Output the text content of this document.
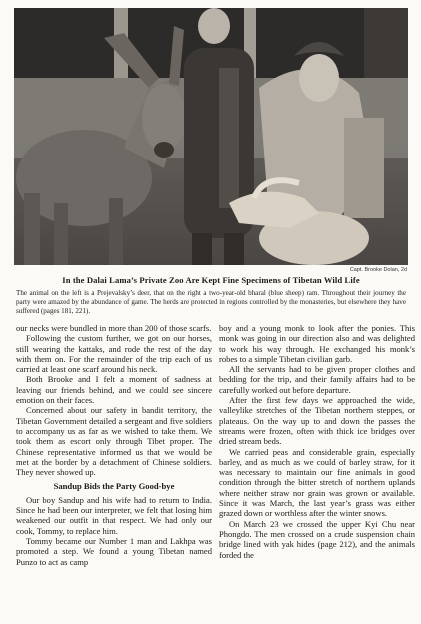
Capt. Brooke Dolan, 2d
In the Dalai Lama’s Private Zoo Are Kept Fine Specimens of Tibetan Wild Life
The animal on the left is a Prejevalsky’s deer, that on the right a two-year-old bharal (blue sheep) ram. Throughout their journey the party were amazed by the abundance of game. The herds are protected in regions controlled by the monasteries, but elsewhere they have suffered (pages 181, 221).

our necks were bundled in more than 200 of those scarfs.

Following the custom further, we got on our horses, still wearing the kattaks, and rode the rest of the day with them on. For the remainder of the trip each of us carried at least one scarf around his neck.

Both Brooke and I felt a moment of sadness at leaving our friends behind, and we could see sincere emotion on their faces.

Concerned about our safety in bandit territory, the Tibetan Government detailed a sergeant and five soldiers to accompany us as far as we wished to take them. We took them as escort only through Tibet proper. The Chinese representative informed us that we would be met at the border by a detachment of Chinese soldiers. They never showed up.

Sandup Bids the Party Good-bye

Our boy Sandup and his wife had to return to India. Since he had been our interpreter, we felt that losing him weakened our outfit in that respect. We had only our cook, Tommy, to replace him.

Tommy became our Number 1 man and Lakhpa was promoted a step. We found a young Tibetan named Punzo to act as camp

boy and a young monk to look after the ponies. This monk was going in our direction also and was delighted to work his way through. He exchanged his monk’s robes to a simple Tibetan civilian garb.

All the servants had to be given proper clothes and bedding for the trip, and their family affairs had to be carefully worked out before departure.

After the first few days we approached the wide, valleylike stretches of the Tibetan northern steppes, or plateaus. On the way up to and down the passes the streams were frozen, often with thick ice bridges over dried stream beds.

We carried peas and considerable grain, especially barley, and as much as we could of barley straw, for it was necessary to maintain our fine animals in good condition through the bitter stretch of northern uplands where neither straw nor grain was grown or available. Since it was March, the last year’s grass was either grazed down or worthless after the winter snows.

On March 23 we crossed the upper Kyi Chu near Phongdo. The men crossed on a crude suspension chain bridge lined with yak hides (page 212), and the animals forded the
